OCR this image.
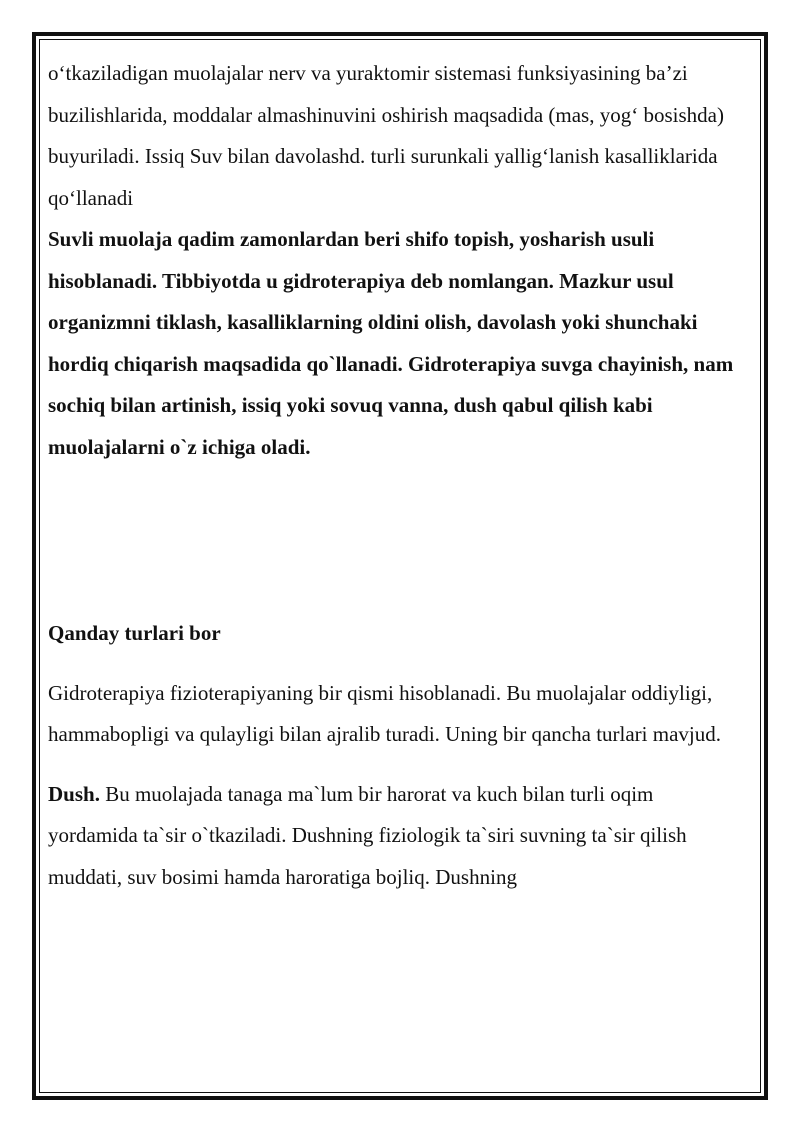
o‘tkaziladigan muolajalar nerv va yuraktomir sistemasi funksiyasining ba’zi buzilishlarida, moddalar almashinuvini oshirish maqsadida (mas, yog‘ bosishda) buyuriladi. Issiq Suv bilan davolashd. turli surunkali yallig‘lanish kasalliklarida qo‘llanadi

Suvli muolaja qadim zamonlardan beri shifo topish, yosharish usuli hisoblanadi. Tibbiyotda u gidroterapiya deb nomlangan. Mazkur usul organizmni tiklash, kasalliklarning oldini olish, davolash yoki shunchaki hordiq chiqarish maqsadida qo`llanadi. Gidroterapiya suvga chayinish, nam sochiq bilan artinish, issiq yoki sovuq vanna, dush qabul qilish kabi muolajalarni o`z ichiga oladi.

Qanday turlari bor

Gidroterapiya fizioterapiyaning bir qismi hisoblanadi. Bu muolajalar oddiyligi, hammabopligi va qulayligi bilan ajralib turadi. Uning bir qancha turlari mavjud.

Dush. Bu muolajada tanaga ma`lum bir harorat va kuch bilan turli oqim yordamida ta`sir o`tkaziladi. Dushning fiziologik ta`siri suvning ta`sir qilish muddati, suv bosimi hamda haroratiga bojliq. Dushning
